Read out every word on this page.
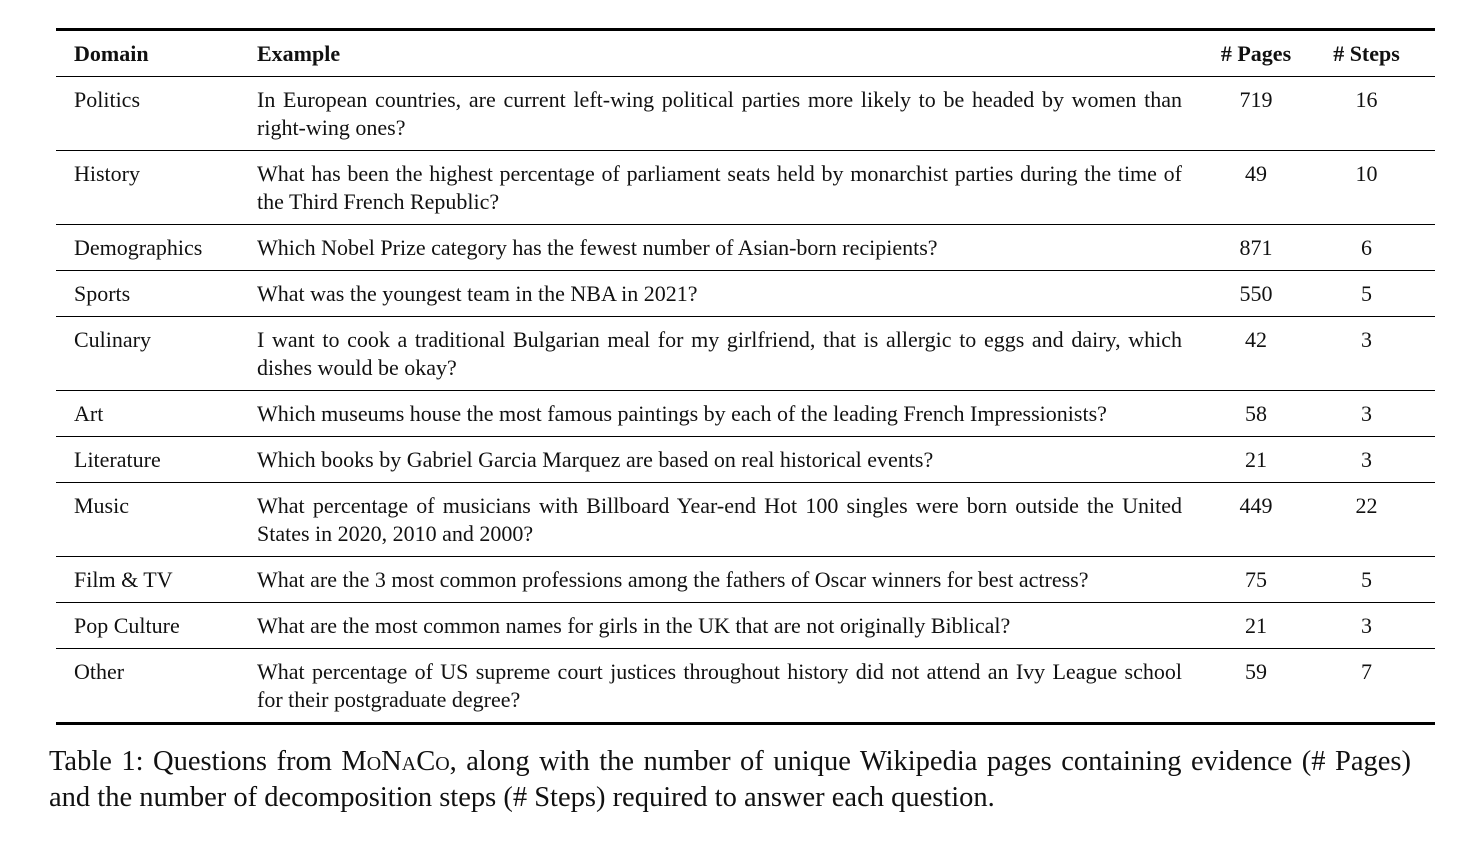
Domain	Example	# Pages	# Steps
Politics	In European countries, are current left-wing political parties more likely to be headed by women than right-wing ones?	719	16
History	What has been the highest percentage of parliament seats held by monarchist parties during the time of the Third French Republic?	49	10
Demographics	Which Nobel Prize category has the fewest number of Asian-born recipients?	871	6
Sports	What was the youngest team in the NBA in 2021?	550	5
Culinary	I want to cook a traditional Bulgarian meal for my girlfriend, that is allergic to eggs and dairy, which dishes would be okay?	42	3
Art	Which museums house the most famous paintings by each of the leading French Impressionists?	58	3
Literature	Which books by Gabriel Garcia Marquez are based on real historical events?	21	3
Music	What percentage of musicians with Billboard Year-end Hot 100 singles were born outside the United States in 2020, 2010 and 2000?	449	22
Film & TV	What are the 3 most common professions among the fathers of Oscar winners for best actress?	75	5
Pop Culture	What are the most common names for girls in the UK that are not originally Biblical?	21	3
Other	What percentage of US supreme court justices throughout history did not attend an Ivy League school for their postgraduate degree?	59	7
Table 1: Questions from MoNaCo, along with the number of unique Wikipedia pages containing evidence (# Pages) and the number of decomposition steps (# Steps) required to answer each question.
